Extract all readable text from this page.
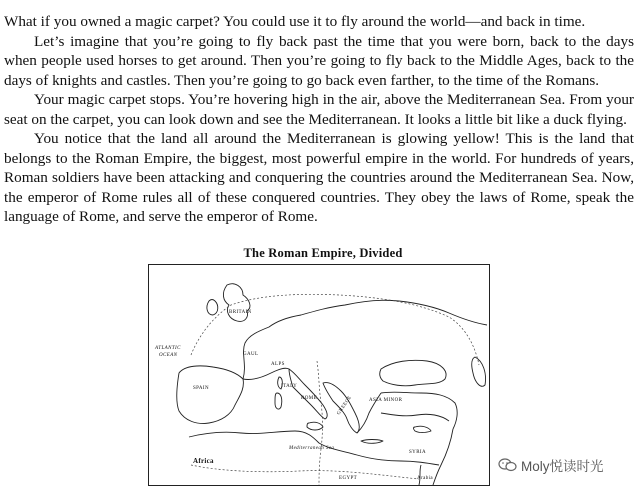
What if you owned a magic carpet? You could use it to fly around the world—and back in time.

Let’s imagine that you’re going to fly back past the time that you were born, back to the days when people used horses to get around. Then you’re going to fly back to the Middle Ages, back to the days of knights and castles. Then you’re going to go back even farther, to the time of the Romans.

Your magic carpet stops. You’re hovering high in the air, above the Mediterranean Sea. From your seat on the carpet, you can look down and see the Mediterranean. It looks a little bit like a duck flying.

You notice that the land all around the Mediterranean is glowing yellow! This is the land that belongs to the Roman Empire, the biggest, most powerful empire in the world. For hundreds of years, Roman soldiers have been attacking and conquering the countries around the Mediterranean Sea. Now, the emperor of Rome rules all of these conquered countries. They obey the laws of Rome, speak the language of Rome, and serve the emperor of Rome.

The Roman Empire, Divided
BRITAIN
ATLANTIC
OCEAN	GAUL
ALPS
SPAIN	ITALY
ROME	GREECE	ASIA MINOR
Mediterranean Sea
SYRIA
Africa
EGYPT	Arabia
Moly悦读时光
